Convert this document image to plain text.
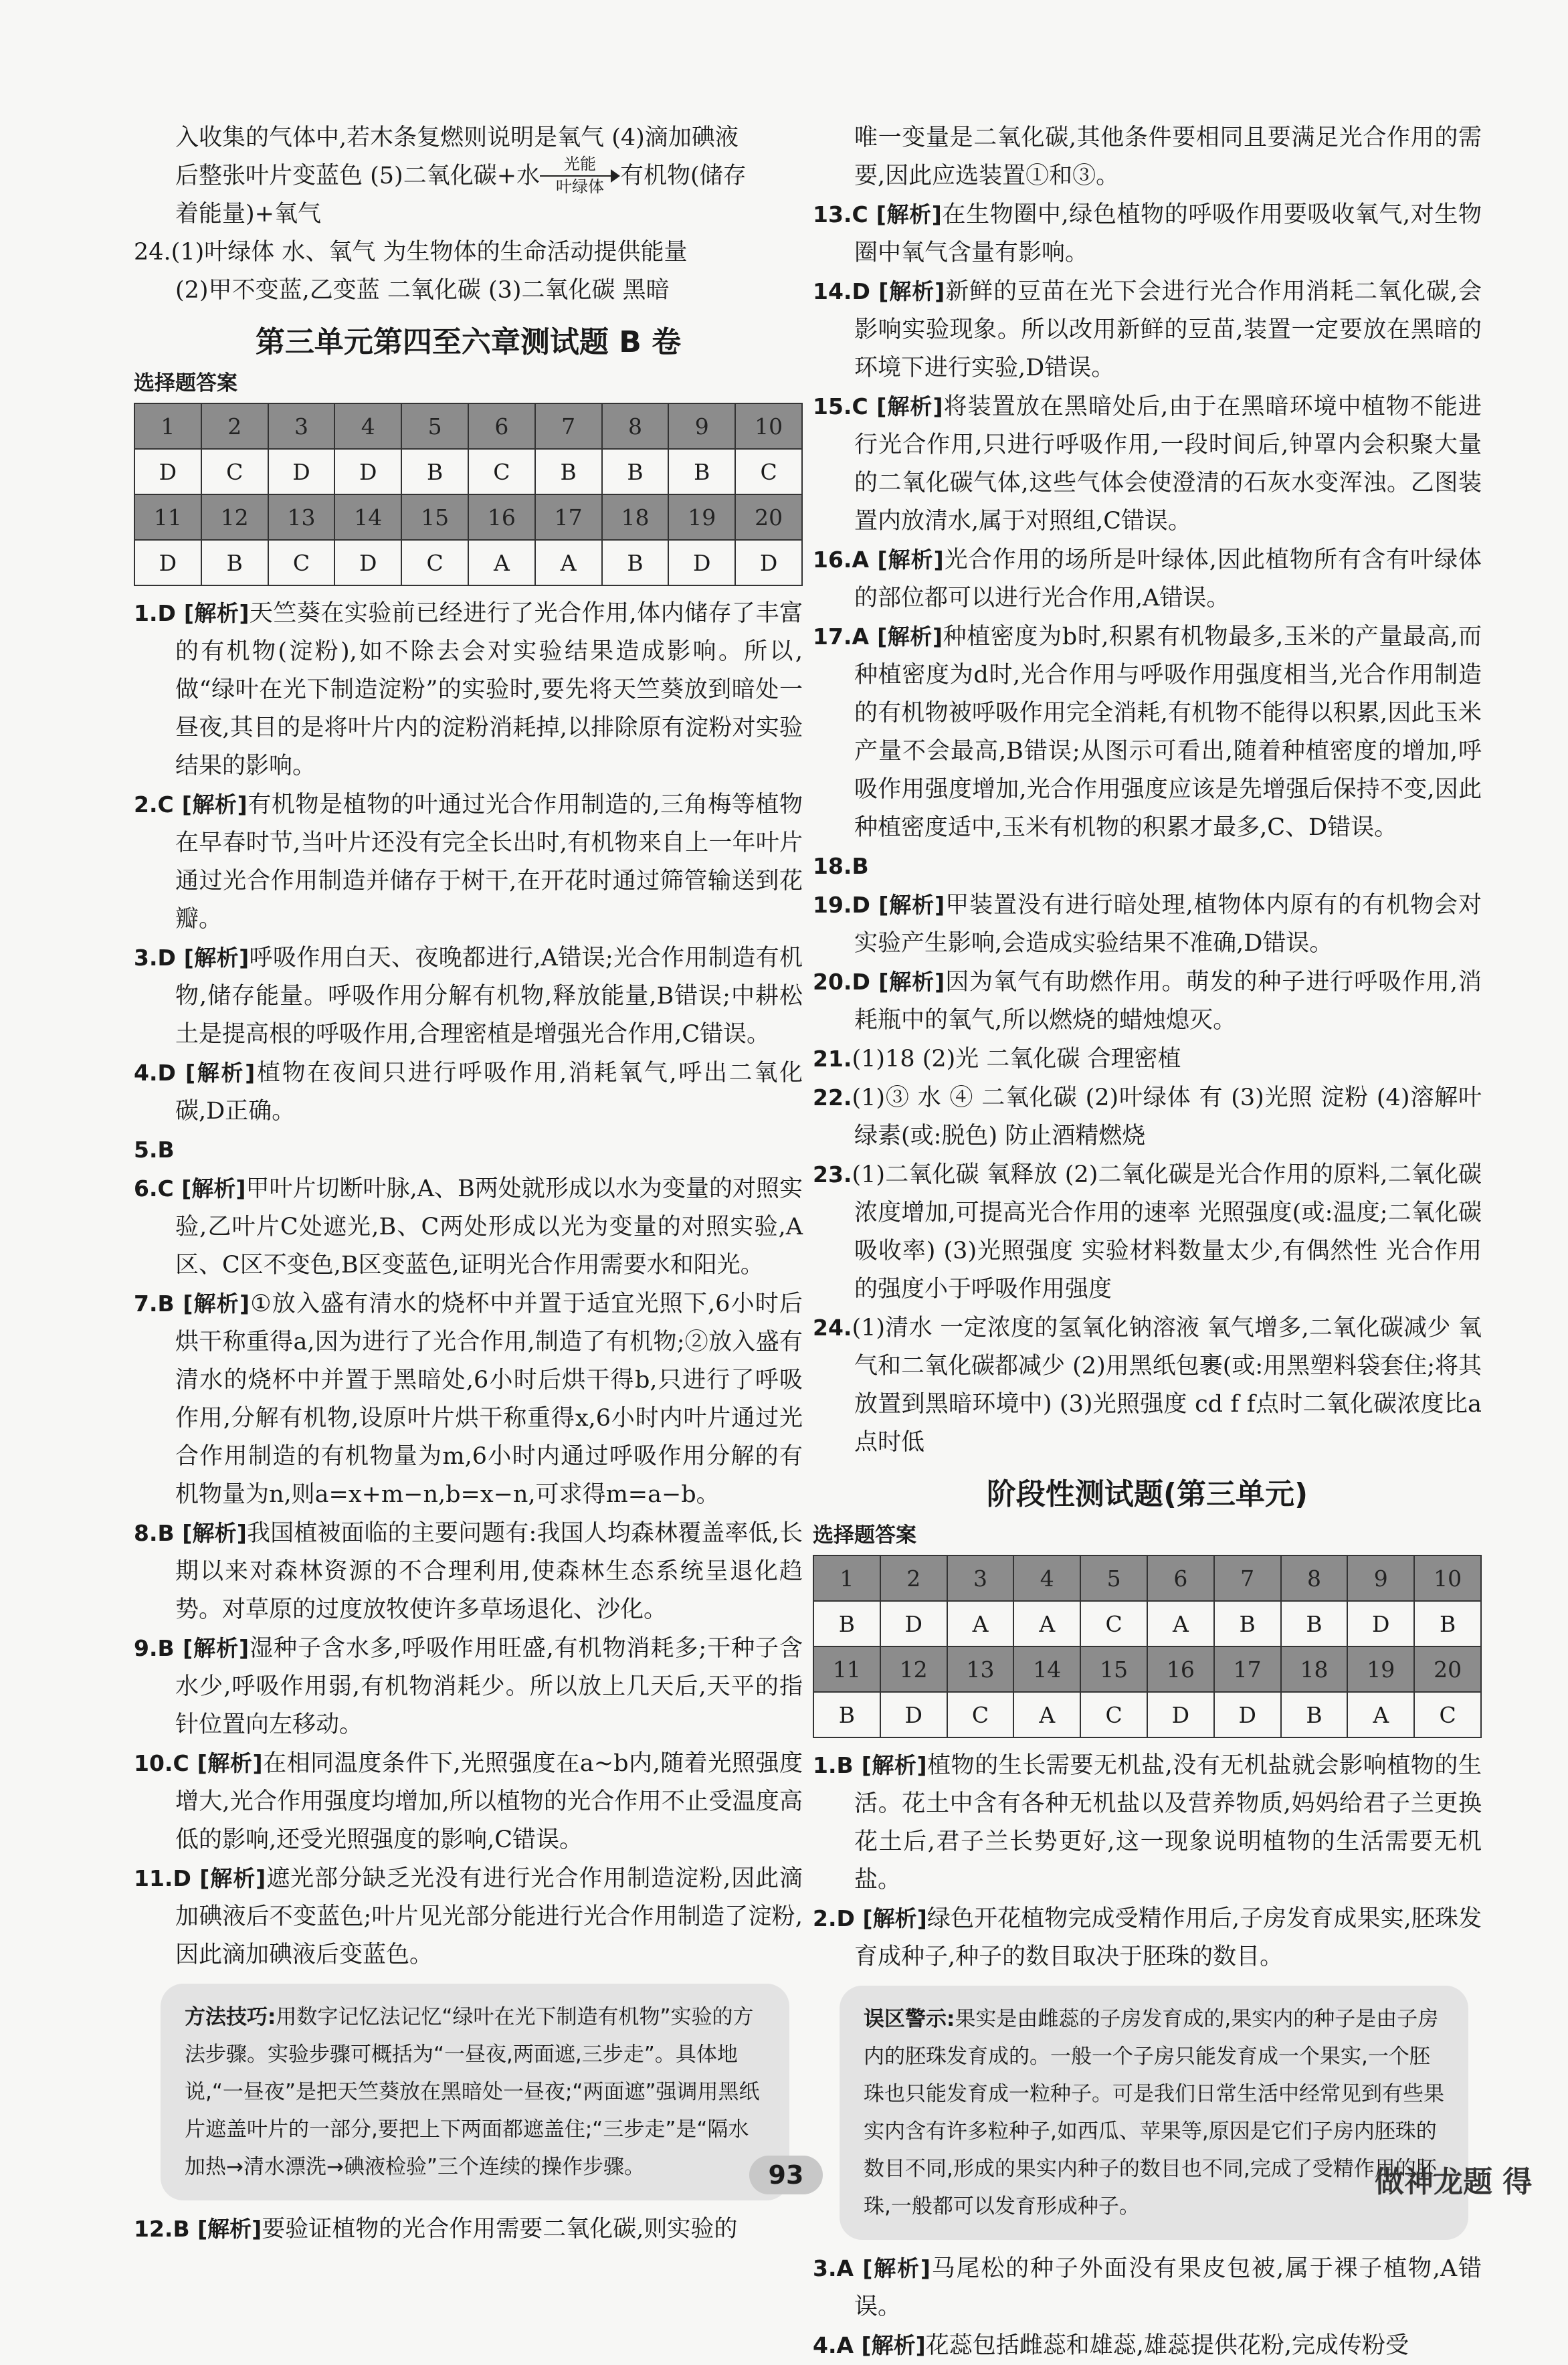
入收集的气体中,若木条复燃则说明是氧气 (4)滴加碘液

后整张叶片变蓝色 (5)二氧化碳+水	光能
叶绿体 有机物(储存

着能量)+氧气

24.(1)叶绿体 水、氧气 为生物体的生命活动提供能量

(2)甲不变蓝,乙变蓝 二氧化碳 (3)二氧化碳 黑暗

第三单元第四至六章测试题 B 卷
选择题答案
1	2	3	4	5	6	7	8	9	10
D	C	D	D	B	C	B	B	B	C
11	12	13	14	15	16	17	18	19	20
D	B	C	D	C	A	A	B	D	D

1.D [解析]天竺葵在实验前已经进行了光合作用,体内储存了丰富的有机物(淀粉),如不除去会对实验结果造成影响。所以,做“绿叶在光下制造淀粉”的实验时,要先将天竺葵放到暗处一昼夜,其目的是将叶片内的淀粉消耗掉,以排除原有淀粉对实验结果的影响。

2.C [解析]有机物是植物的叶通过光合作用制造的,三角梅等植物在早春时节,当叶片还没有完全长出时,有机物来自上一年叶片通过光合作用制造并储存于树干,在开花时通过筛管输送到花瓣。

3.D [解析]呼吸作用白天、夜晚都进行,A错误;光合作用制造有机物,储存能量。呼吸作用分解有机物,释放能量,B错误;中耕松土是提高根的呼吸作用,合理密植是增强光合作用,C错误。

4.D [解析]植物在夜间只进行呼吸作用,消耗氧气,呼出二氧化碳,D正确。

5.B

6.C [解析]甲叶片切断叶脉,A、B两处就形成以水为变量的对照实验,乙叶片C处遮光,B、C两处形成以光为变量的对照实验,A区、C区不变色,B区变蓝色,证明光合作用需要水和阳光。

7.B [解析]①放入盛有清水的烧杯中并置于适宜光照下,6小时后烘干称重得a,因为进行了光合作用,制造了有机物;②放入盛有清水的烧杯中并置于黑暗处,6小时后烘干得b,只进行了呼吸作用,分解有机物,设原叶片烘干称重得x,6小时内叶片通过光合作用制造的有机物量为m,6小时内通过呼吸作用分解的有机物量为n,则a=x+m−n,b=x−n,可求得m=a−b。

8.B [解析]我国植被面临的主要问题有:我国人均森林覆盖率低,长期以来对森林资源的不合理利用,使森林生态系统呈退化趋势。对草原的过度放牧使许多草场退化、沙化。

9.B [解析]湿种子含水多,呼吸作用旺盛,有机物消耗多;干种子含水少,呼吸作用弱,有机物消耗少。所以放上几天后,天平的指针位置向左移动。

10.C [解析]在相同温度条件下,光照强度在a~b内,随着光照强度增大,光合作用强度均增加,所以植物的光合作用不止受温度高低的影响,还受光照强度的影响,C错误。

11.D [解析]遮光部分缺乏光没有进行光合作用制造淀粉,因此滴加碘液后不变蓝色;叶片见光部分能进行光合作用制造了淀粉,因此滴加碘液后变蓝色。

方法技巧:用数字记忆法记忆“绿叶在光下制造有机物”实验的方法步骤。实验步骤可概括为“一昼夜,两面遮,三步走”。具体地说,“一昼夜”是把天竺葵放在黑暗处一昼夜;“两面遮”强调用黑纸片遮盖叶片的一部分,要把上下两面都遮盖住;“三步走”是“隔水加热→清水漂洗→碘液检验”三个连续的操作步骤。

12.B [解析]要验证植物的光合作用需要二氧化碳,则实验的

唯一变量是二氧化碳,其他条件要相同且要满足光合作用的需要,因此应选装置①和③。

13.C [解析]在生物圈中,绿色植物的呼吸作用要吸收氧气,对生物圈中氧气含量有影响。

14.D [解析]新鲜的豆苗在光下会进行光合作用消耗二氧化碳,会影响实验现象。所以改用新鲜的豆苗,装置一定要放在黑暗的环境下进行实验,D错误。

15.C [解析]将装置放在黑暗处后,由于在黑暗环境中植物不能进行光合作用,只进行呼吸作用,一段时间后,钟罩内会积聚大量的二氧化碳气体,这些气体会使澄清的石灰水变浑浊。乙图装置内放清水,属于对照组,C错误。

16.A [解析]光合作用的场所是叶绿体,因此植物所有含有叶绿体的部位都可以进行光合作用,A错误。

17.A [解析]种植密度为b时,积累有机物最多,玉米的产量最高,而种植密度为d时,光合作用与呼吸作用强度相当,光合作用制造的有机物被呼吸作用完全消耗,有机物不能得以积累,因此玉米产量不会最高,B错误;从图示可看出,随着种植密度的增加,呼吸作用强度增加,光合作用强度应该是先增强后保持不变,因此种植密度适中,玉米有机物的积累才最多,C、D错误。

18.B

19.D [解析]甲装置没有进行暗处理,植物体内原有的有机物会对实验产生影响,会造成实验结果不准确,D错误。

20.D [解析]因为氧气有助燃作用。萌发的种子进行呼吸作用,消耗瓶中的氧气,所以燃烧的蜡烛熄灭。

21.(1)18 (2)光 二氧化碳 合理密植

22.(1)③ 水 ④ 二氧化碳 (2)叶绿体 有 (3)光照 淀粉 (4)溶解叶绿素(或:脱色) 防止酒精燃烧

23.(1)二氧化碳 氧释放 (2)二氧化碳是光合作用的原料,二氧化碳浓度增加,可提高光合作用的速率 光照强度(或:温度;二氧化碳吸收率) (3)光照强度 实验材料数量太少,有偶然性 光合作用的强度小于呼吸作用强度

24.(1)清水 一定浓度的氢氧化钠溶液 氧气增多,二氧化碳减少 氧气和二氧化碳都减少 (2)用黑纸包裹(或:用黑塑料袋套住;将其放置到黑暗环境中) (3)光照强度 cd f f点时二氧化碳浓度比a点时低

阶段性测试题(第三单元)
选择题答案
1	2	3	4	5	6	7	8	9	10
B	D	A	A	C	A	B	B	D	B
11	12	13	14	15	16	17	18	19	20
B	D	C	A	C	D	D	B	A	C

1.B [解析]植物的生长需要无机盐,没有无机盐就会影响植物的生活。花土中含有各种无机盐以及营养物质,妈妈给君子兰更换花土后,君子兰长势更好,这一现象说明植物的生活需要无机盐。

2.D [解析]绿色开花植物完成受精作用后,子房发育成果实,胚珠发育成种子,种子的数目取决于胚珠的数目。

误区警示:果实是由雌蕊的子房发育成的,果实内的种子是由子房内的胚珠发育成的。一般一个子房只能发育成一个果实,一个胚珠也只能发育成一粒种子。可是我们日常生活中经常见到有些果实内含有许多粒种子,如西瓜、苹果等,原因是它们子房内胚珠的数目不同,形成的果实内种子的数目也不同,完成了受精作用的胚珠,一般都可以发育形成种子。

3.A [解析]马尾松的种子外面没有果皮包被,属于裸子植物,A错误。

4.A [解析]花蕊包括雌蕊和雄蕊,雄蕊提供花粉,完成传粉受

93	做神龙题 得
